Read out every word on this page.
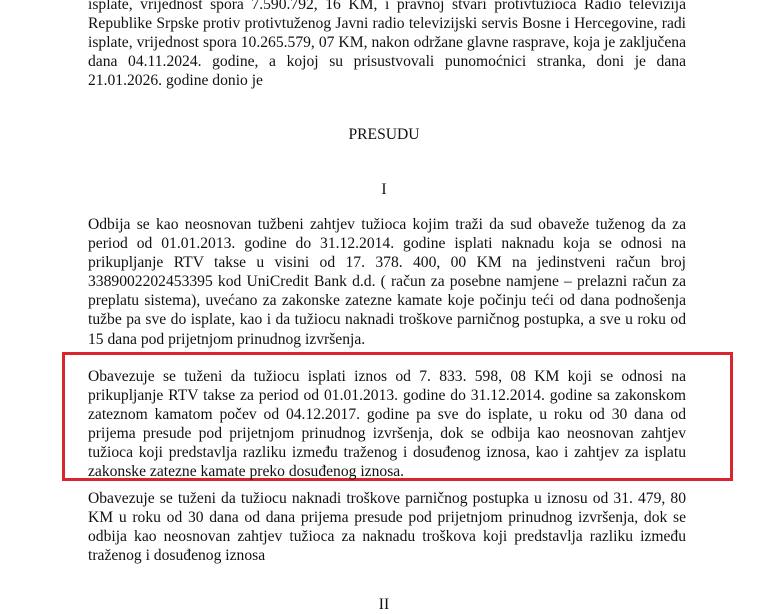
isplate, vrijednost spora 7.590.792, 16 KM, i pravnoj stvari protivtužioca Radio televizija
Republike Srpske protiv protivtuženog Javni radio televizijski servis Bosne i Hercegovine, radi
isplate, vrijednost spora 10.265.579, 07 KM, nakon održane glavne rasprave, koja je zaključena
dana 04.11.2024. godine, a kojoj su prisustvovali punomoćnici stranka, doni je dana
21.01.2026. godine donio je
PRESUDU
I
Odbija se kao neosnovan tužbeni zahtjev tužioca kojim traži da sud obaveže tuženog da za
period od 01.01.2013. godine do 31.12.2014. godine isplati naknadu koja se odnosi na
prikupljanje RTV takse u visini od 17. 378. 400, 00 KM na jedinstveni račun broj
3389002202453395 kod UniCredit Bank d.d. ( račun za posebne namjene – prelazni račun za
preplatu sistema), uvećano za zakonske zatezne kamate koje počinju teći od dana podnošenja
tužbe pa sve do isplate, kao i da tužiocu naknadi troškove parničnog postupka, a sve u roku od
15 dana pod prijetnjom prinudnog izvršenja.
Obavezuje se tuženi da tužiocu isplati iznos od 7. 833. 598, 08 KM koji se odnosi na
prikupljanje RTV takse za period od 01.01.2013. godine do 31.12.2014. godine sa zakonskom
zateznom kamatom počev od 04.12.2017. godine pa sve do isplate, u roku od 30 dana od
prijema presude pod prijetnjom prinudnog izvršenja, dok se odbija kao neosnovan zahtjev
tužioca koji predstavlja razliku između traženog i dosuđenog iznosa, kao i zahtjev za isplatu
zakonske zatezne kamate preko dosuđenog iznosa.
Obavezuje se tuženi da tužiocu naknadi troškove parničnog postupka u iznosu od 31. 479, 80
KM u roku od 30 dana od dana prijema presude pod prijetnjom prinudnog izvršenja, dok se
odbija kao neosnovan zahtjev tužioca za naknadu troškova koji predstavlja razliku između
traženog i dosuđenog iznosa
II
